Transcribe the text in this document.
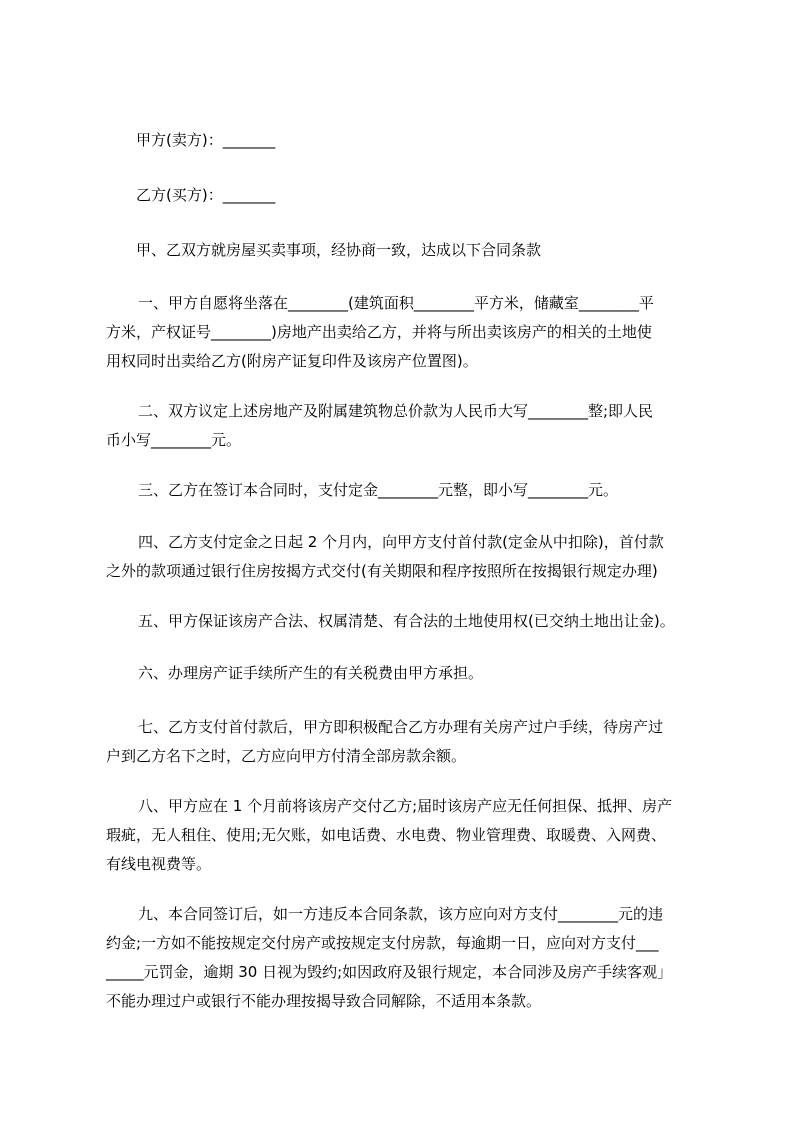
甲方(卖方)：_______

乙方(买方)：_______

甲、乙双方就房屋买卖事项，经协商一致，达成以下合同条款

一、甲方自愿将坐落在________(建筑面积________平方米，储藏室________平
方米，产权证号________)房地产出卖给乙方，并将与所出卖该房产的相关的土地使
用权同时出卖给乙方(附房产证复印件及该房产位置图)。
二、双方议定上述房地产及附属建筑物总价款为人民币大写________整;即人民
币小写________元。
三、乙方在签订本合同时，支付定金________元整，即小写________元。
四、乙方支付定金之日起 2 个月内，向甲方支付首付款(定金从中扣除)，首付款
之外的款项通过银行住房按揭方式交付(有关期限和程序按照所在按揭银行规定办理)
五、甲方保证该房产合法、权属清楚、有合法的土地使用权(已交纳土地出让金)。
六、办理房产证手续所产生的有关税费由甲方承担。
七、乙方支付首付款后，甲方即积极配合乙方办理有关房产过户手续，待房产过
户到乙方名下之时，乙方应向甲方付清全部房款余额。
八、甲方应在 1 个月前将该房产交付乙方;届时该房产应无任何担保、抵押、房产
瑕疵，无人租住、使用;无欠账，如电话费、水电费、物业管理费、取暖费、入网费、
有线电视费等。
九、本合同签订后，如一方违反本合同条款，该方应向对方支付________元的违
约金;一方如不能按规定交付房产或按规定支付房款，每逾期一日，应向对方支付___
_____元罚金，逾期 30 日视为毁约;如因政府及银行规定，本合同涉及房产手续客观」
不能办理过户或银行不能办理按揭导致合同解除，不适用本条款。
